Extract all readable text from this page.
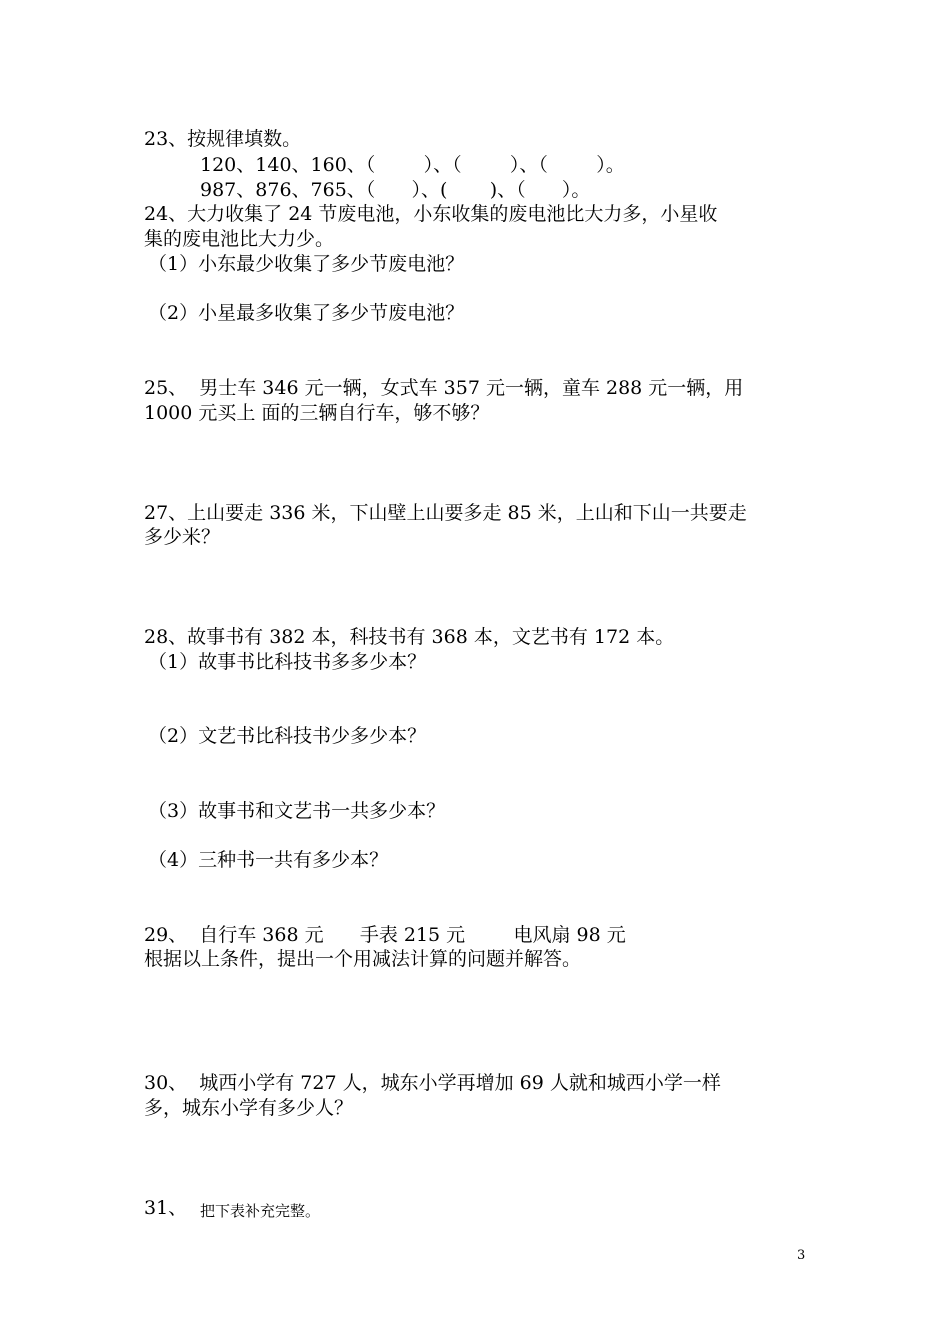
23、按规律填数。
120、140、160、（        ）、（        ）、（        ）。
987、876、765、（      ）、(       )、（      ）。
24、大力收集了 24 节废电池，小东收集的废电池比大力多，小星收
集的废电池比大力少。
（1）小东最少收集了多少节废电池？
（2）小星最多收集了多少节废电池？
25、  男士车 346 元一辆，女式车 357 元一辆，童车 288 元一辆，用
1000 元买上 面的三辆自行车，够不够？
27、上山要走 336 米，下山壁上山要多走 85 米，上山和下山一共要走
多少米？
28、故事书有 382 本，科技书有 368 本，文艺书有 172 本。
（1）故事书比科技书多多少本？
（2）文艺书比科技书少多少本？
（3）故事书和文艺书一共多少本？
（4）三种书一共有多少本？
29、  自行车 368 元      手表 215 元        电风扇 98 元
根据以上条件，提出一个用减法计算的问题并解答。
30、  城西小学有 727 人，城东小学再增加 69 人就和城西小学一样
多，城东小学有多少人？
31、 把下表补充完整。
3
